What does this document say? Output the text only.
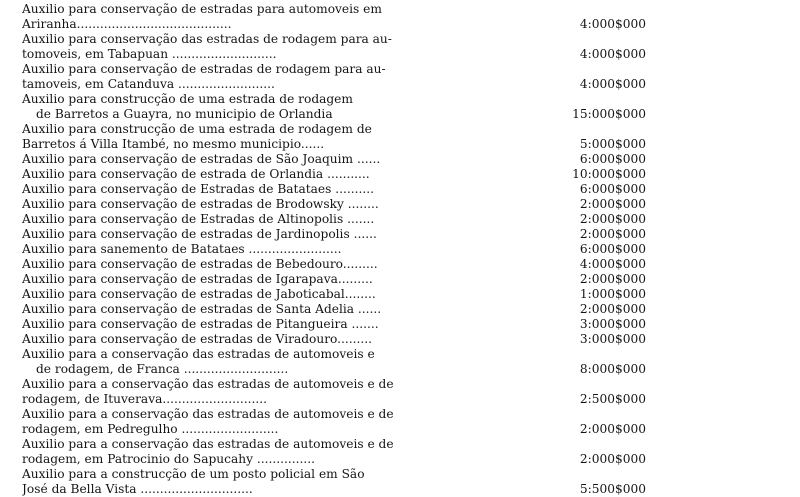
Auxilio para conservação de estradas para automoveis em
Ariranha........................................
Auxilio para conservação das estradas de rodagem para au-
tomoveis, em Tabapuan ...........................
Auxilio para conservação de estradas de rodagem para au-
tamoveis, em Catanduva .........................
Auxilio para construcção de uma estrada de rodagem
de Barretos a Guayra, no municipio de Orlandia
Auxilio para construcção de uma estrada de rodagem de
Barretos á Villa Itambé, no mesmo municipio......
Auxilio para conservação de estradas de São Joaquim ......
Auxilio para conservação de estrada de Orlandia ...........
Auxilio para conservação de Estradas de Batataes ..........
Auxilio para conservação de estradas de Brodowsky ........
Auxilio para conservação de Estradas de Altinopolis .......
Auxilio para conservação de estradas de Jardinopolis ......
Auxilio para sanemento de Batataes ........................
Auxilio para conservação de estradas de Bebedouro.........
Auxilio para conservação de estradas de Igarapava.........
Auxilio para conservação de estradas de Jaboticabal........
Auxilio para conservação de estradas de Santa Adelia ......
Auxilio para conservação de estradas de Pitangueira .......
Auxilio para conservação de estradas de Viradouro.........
Auxilio para a conservação das estradas de automoveis e
de rodagem, de Franca ...........................
Auxilio para a conservação das estradas de automoveis e de
rodagem, de Ituverava...........................
Auxilio para a conservação das estradas de automoveis e de
rodagem, em Pedregulho .........................
Auxilio para a conservação das estradas de automoveis e de
rodagem, em Patrocinio do Sapucahy ...............
Auxilio para a construcção de um posto policial em São
José da Bella Vista .............................
4:000$000
4:000$000
4:000$000
15:000$000
5:000$000
6:000$000
10:000$000
6:000$000
2:000$000
2:000$000
2:000$000
6:000$000
4:000$000
2:000$000
1:000$000
2:000$000
3:000$000
3:000$000
8:000$000
2:500$000
2:000$000
2:000$000
5:500$000
